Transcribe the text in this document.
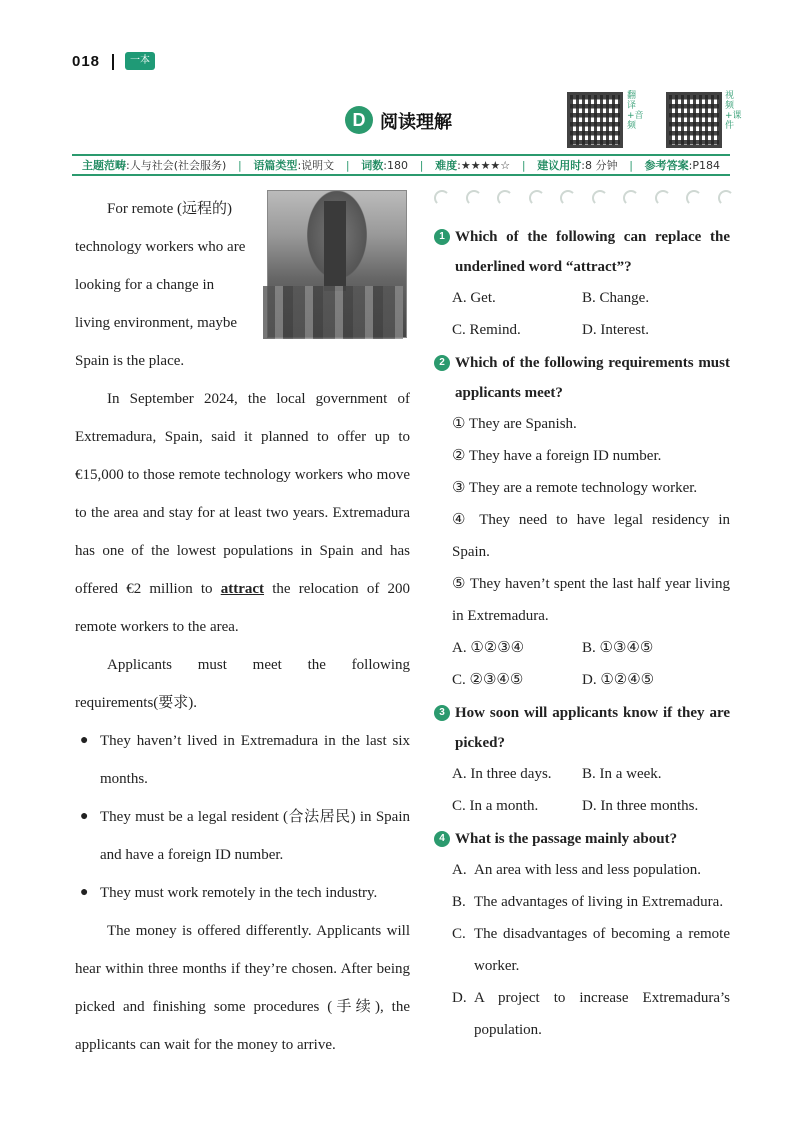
018	一本
D 阅读理解
翻译+音频
视频+课件
主题范畴:人与社会(社会服务) | 语篇类型:说明文 | 词数:180 | 难度:★★★★☆ | 建议用时:8 分钟 | 参考答案:P184
For remote (远程的)
technology workers who are
looking for a change in
living environment, maybe
Spain is the place.

In September 2024, the local government of Extremadura, Spain, said it planned to offer up to €15,000 to those remote technology workers who move to the area and stay for at least two years. Extremadura has one of the lowest populations in Spain and has offered €2 million to attract the relocation of 200 remote workers to the area.

Applicants must meet the following requirements(要求).

● They haven’t lived in Extremadura in the last six months.
● They must be a legal resident (合法居民) in Spain and have a foreign ID number.
● They must work remotely in the tech industry.

The money is offered differently. Applicants will hear within three months if they’re chosen. After being picked and finishing some procedures (手续), the applicants can wait for the money to arrive.

1 Which of the following can replace the underlined word “attract”?
A. Get.	B. Change.
C. Remind.	D. Interest.
2 Which of the following requirements must applicants meet?
① They are Spanish.
② They have a foreign ID number.
③ They are a remote technology worker.
④ They need to have legal residency in Spain.
⑤ They haven’t spent the last half year living in Extremadura.
A. ①②③④	B. ①③④⑤
C. ②③④⑤	D. ①②④⑤
3 How soon will applicants know if they are picked?
A. In three days.	B. In a week.
C. In a month.	D. In three months.
4 What is the passage mainly about?
A. An area with less and less population.
B. The advantages of living in Extremadura.
C. The disadvantages of becoming a remote worker.
D. A project to increase Extremadura’s population.
